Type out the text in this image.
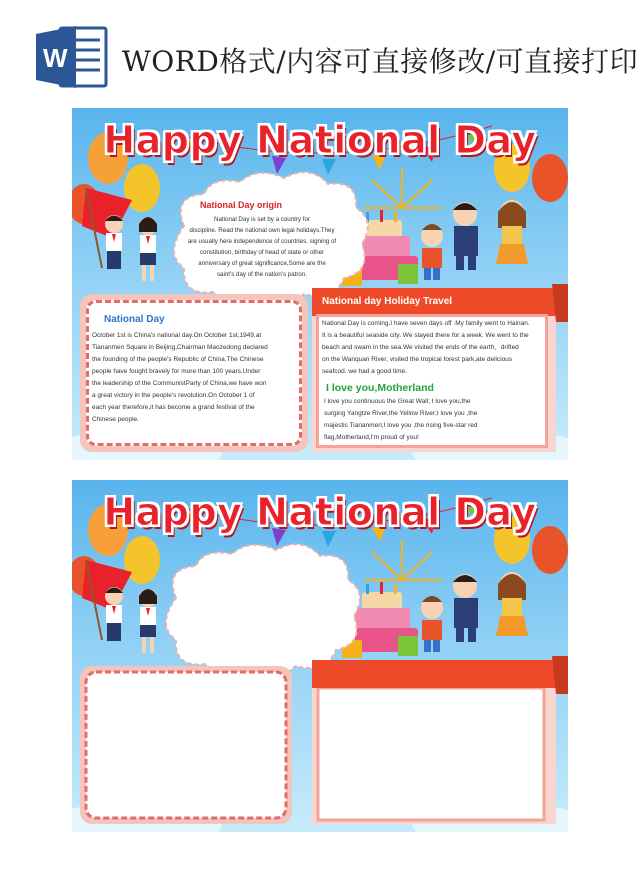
W WORD格式/内容可直接修改/可直接打印
Happy National Day
National Day origin
National Day is set by a country for
discipline. Read the national own legal holidays.They
are usually here independence of countries. signing of
constitution, birthday of head of state or other
anniversary of great significance,Some are the
saint's day of the nation's patron.
National Day
October 1st is China's national day.On October 1st,1949,at
Tiananmen Square in Beijing,Chairman Maozedong declared
the founding of the people's Republic of China.The Chinese
people have fought bravely for more than 100 years.Under
the leadership of the CommunistParty of China,we have won
a great victory in the people's revolution.On October 1 of
each year therefore,it has become a grand festival of the
Chinese people.
National day Holiday Travel
National Day is coming,I have seven days off .My family went to Hainan.
It is a beautiful seaside city. We stayed there for a week. We went to the
beach and swam in the sea.We visited the ends of the earth、drifted
on the Wanquan River, visited the tropical forest park,ate delicious
seafcod. we had a good time.
I love you,Motherland
I love you continuous the Great Wall; I love you,the
surging Yangtze River,the Yellow River;I love you ,the
majestic Tiananmen;I love you ,the rising five-star red
flag,Motherland,I'm proud of you!
Happy National Day
